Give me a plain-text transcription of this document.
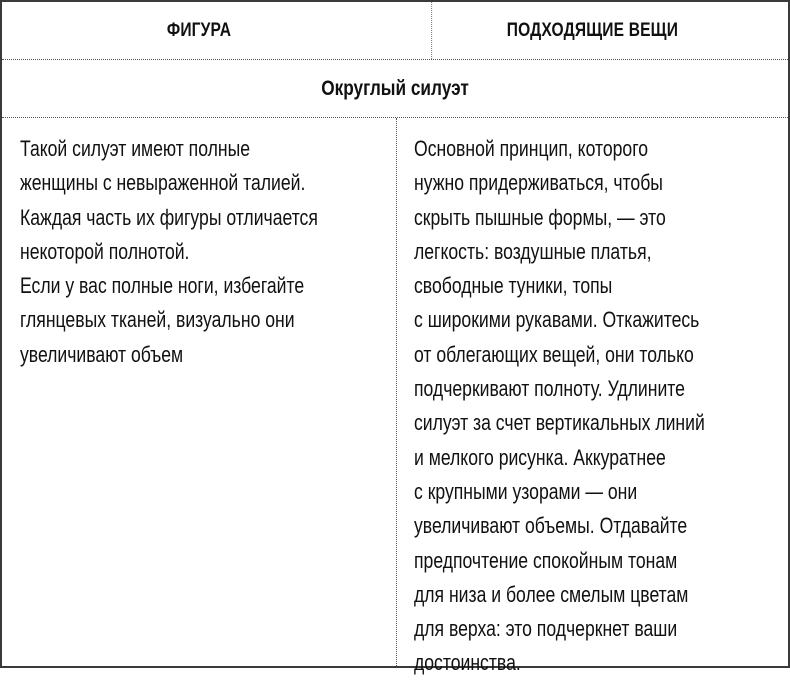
ФИГУРА	ПОДХОДЯЩИЕ ВЕЩИ
Округлый силуэт
Такой силуэт имеют полные
женщины с невыраженной талией.
Каждая часть их фигуры отличается
некоторой полнотой.
Если у вас полные ноги, избегайте
глянцевых тканей, визуально они
увеличивают объем
Основной принцип, которого
нужно придерживаться, чтобы
скрыть пышные формы, — это
легкость: воздушные платья,
свободные туники, топы
с широкими рукавами. Откажитесь
от облегающих вещей, они только
подчеркивают полноту. Удлините
силуэт за счет вертикальных линий
и мелкого рисунка. Аккуратнее
с крупными узорами — они
увеличивают объемы. Отдавайте
предпочтение спокойным тонам
для низа и более смелым цветам
для верха: это подчеркнет ваши
достоинства.
